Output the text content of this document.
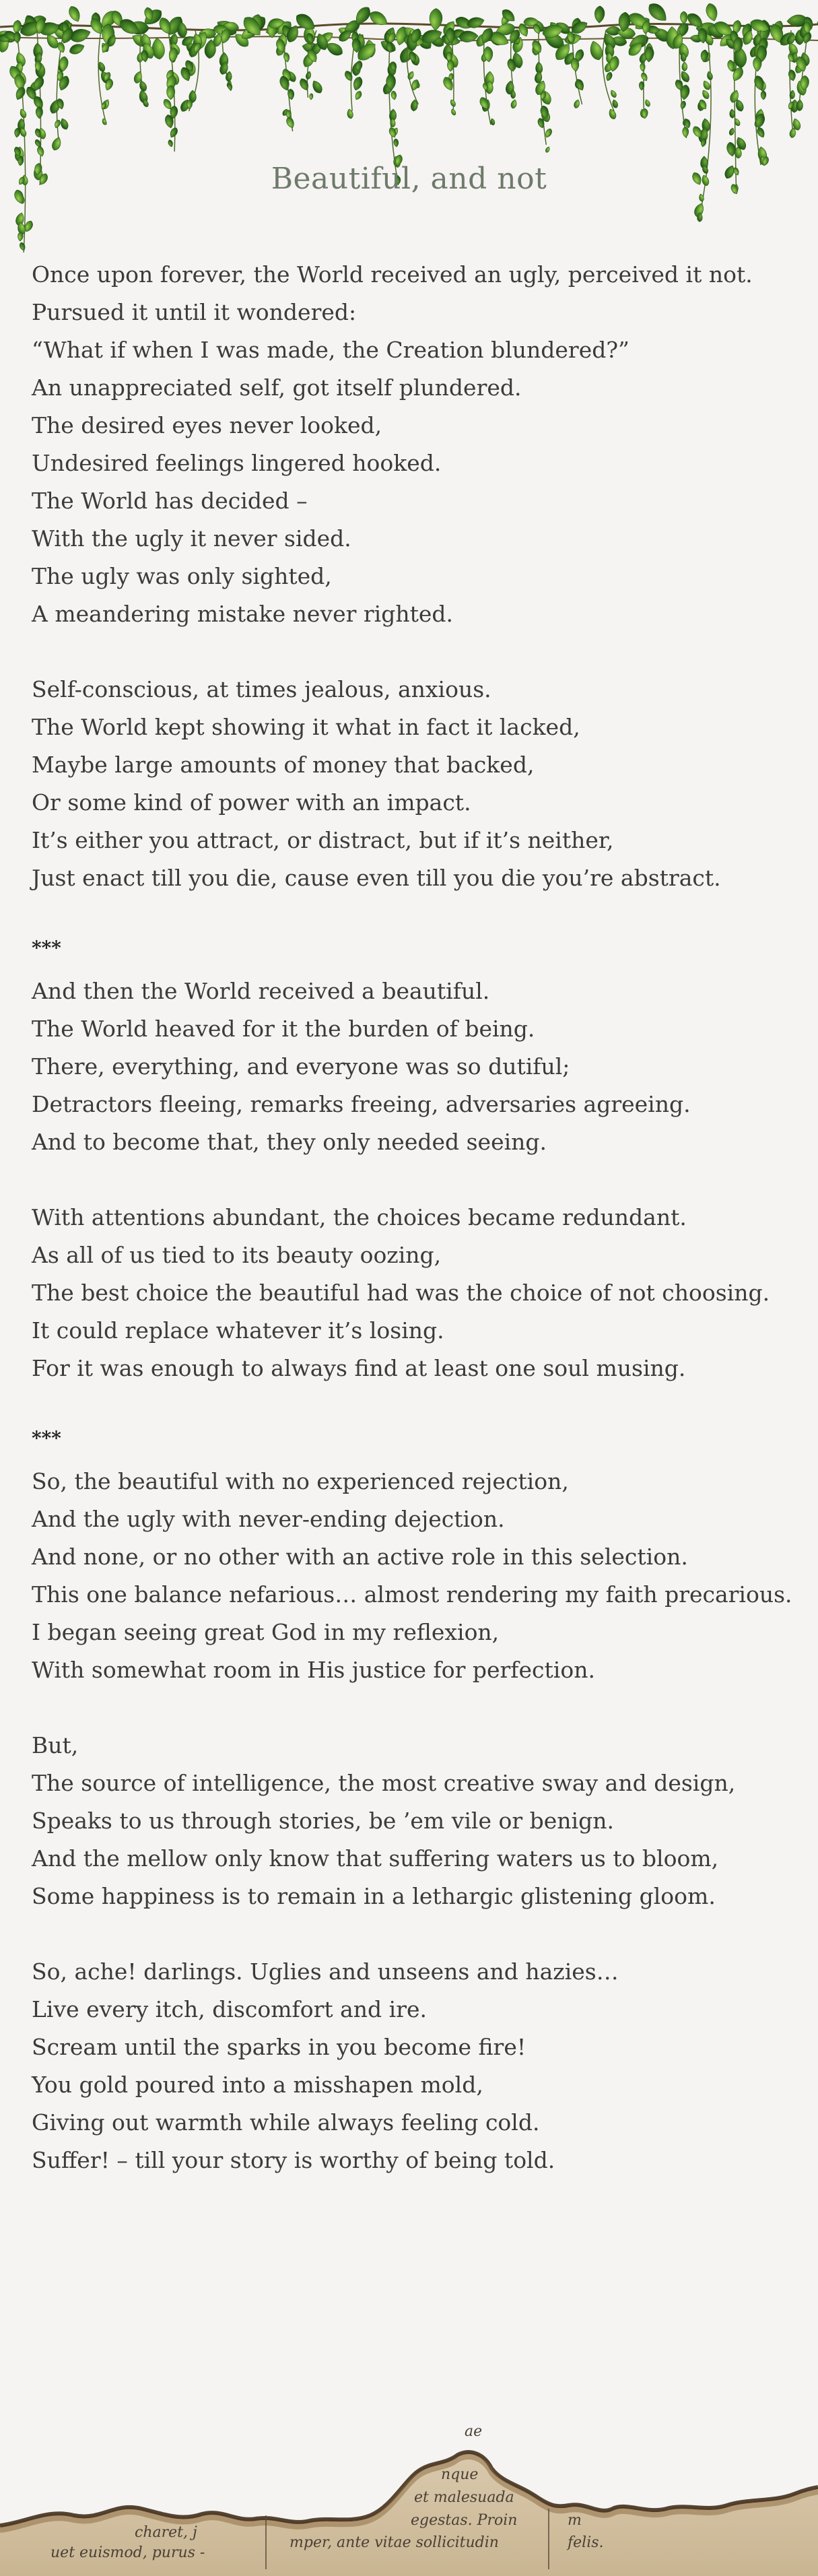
Beautiful, and not
Once upon forever, the World received an ugly, perceived it not.
Pursued it until it wondered:
“What if when I was made, the Creation blundered?”
An unappreciated self, got itself plundered.
The desired eyes never looked,
Undesired feelings lingered hooked.
The World has decided –
With the ugly it never sided.
The ugly was only sighted,
A meandering mistake never righted.
Self-conscious, at times jealous, anxious.
The World kept showing it what in fact it lacked,
Maybe large amounts of money that backed,
Or some kind of power with an impact.
It’s either you attract, or distract, but if it’s neither,
Just enact till you die, cause even till you die you’re abstract.
***
And then the World received a beautiful.
The World heaved for it the burden of being.
There, everything, and everyone was so dutiful;
Detractors fleeing, remarks freeing, adversaries agreeing.
And to become that, they only needed seeing.
With attentions abundant, the choices became redundant.
As all of us tied to its beauty oozing,
The best choice the beautiful had was the choice of not choosing.
It could replace whatever it’s losing.
For it was enough to always find at least one soul musing.
***
So, the beautiful with no experienced rejection,
And the ugly with never-ending dejection.
And none, or no other with an active role in this selection.
This one balance nefarious… almost rendering my faith precarious.
I began seeing great God in my reflexion,
With somewhat room in His justice for perfection.
But,
The source of intelligence, the most creative sway and design,
Speaks to us through stories, be ’em vile or benign.
And the mellow only know that suffering waters us to bloom,
Some happiness is to remain in a lethargic glistening gloom.
So, ache! darlings. Uglies and unseens and hazies…
Live every itch, discomfort and ire.
Scream until the sparks in you become fire!
You gold poured into a misshapen mold,
Giving out warmth while always feeling cold.
Suffer! – till your story is worthy of being told.
charet, j
uet euismod, purus -
ae
nque
et malesuada
egestas. Proin
mper, ante vitae sollicitudin
m
felis.
